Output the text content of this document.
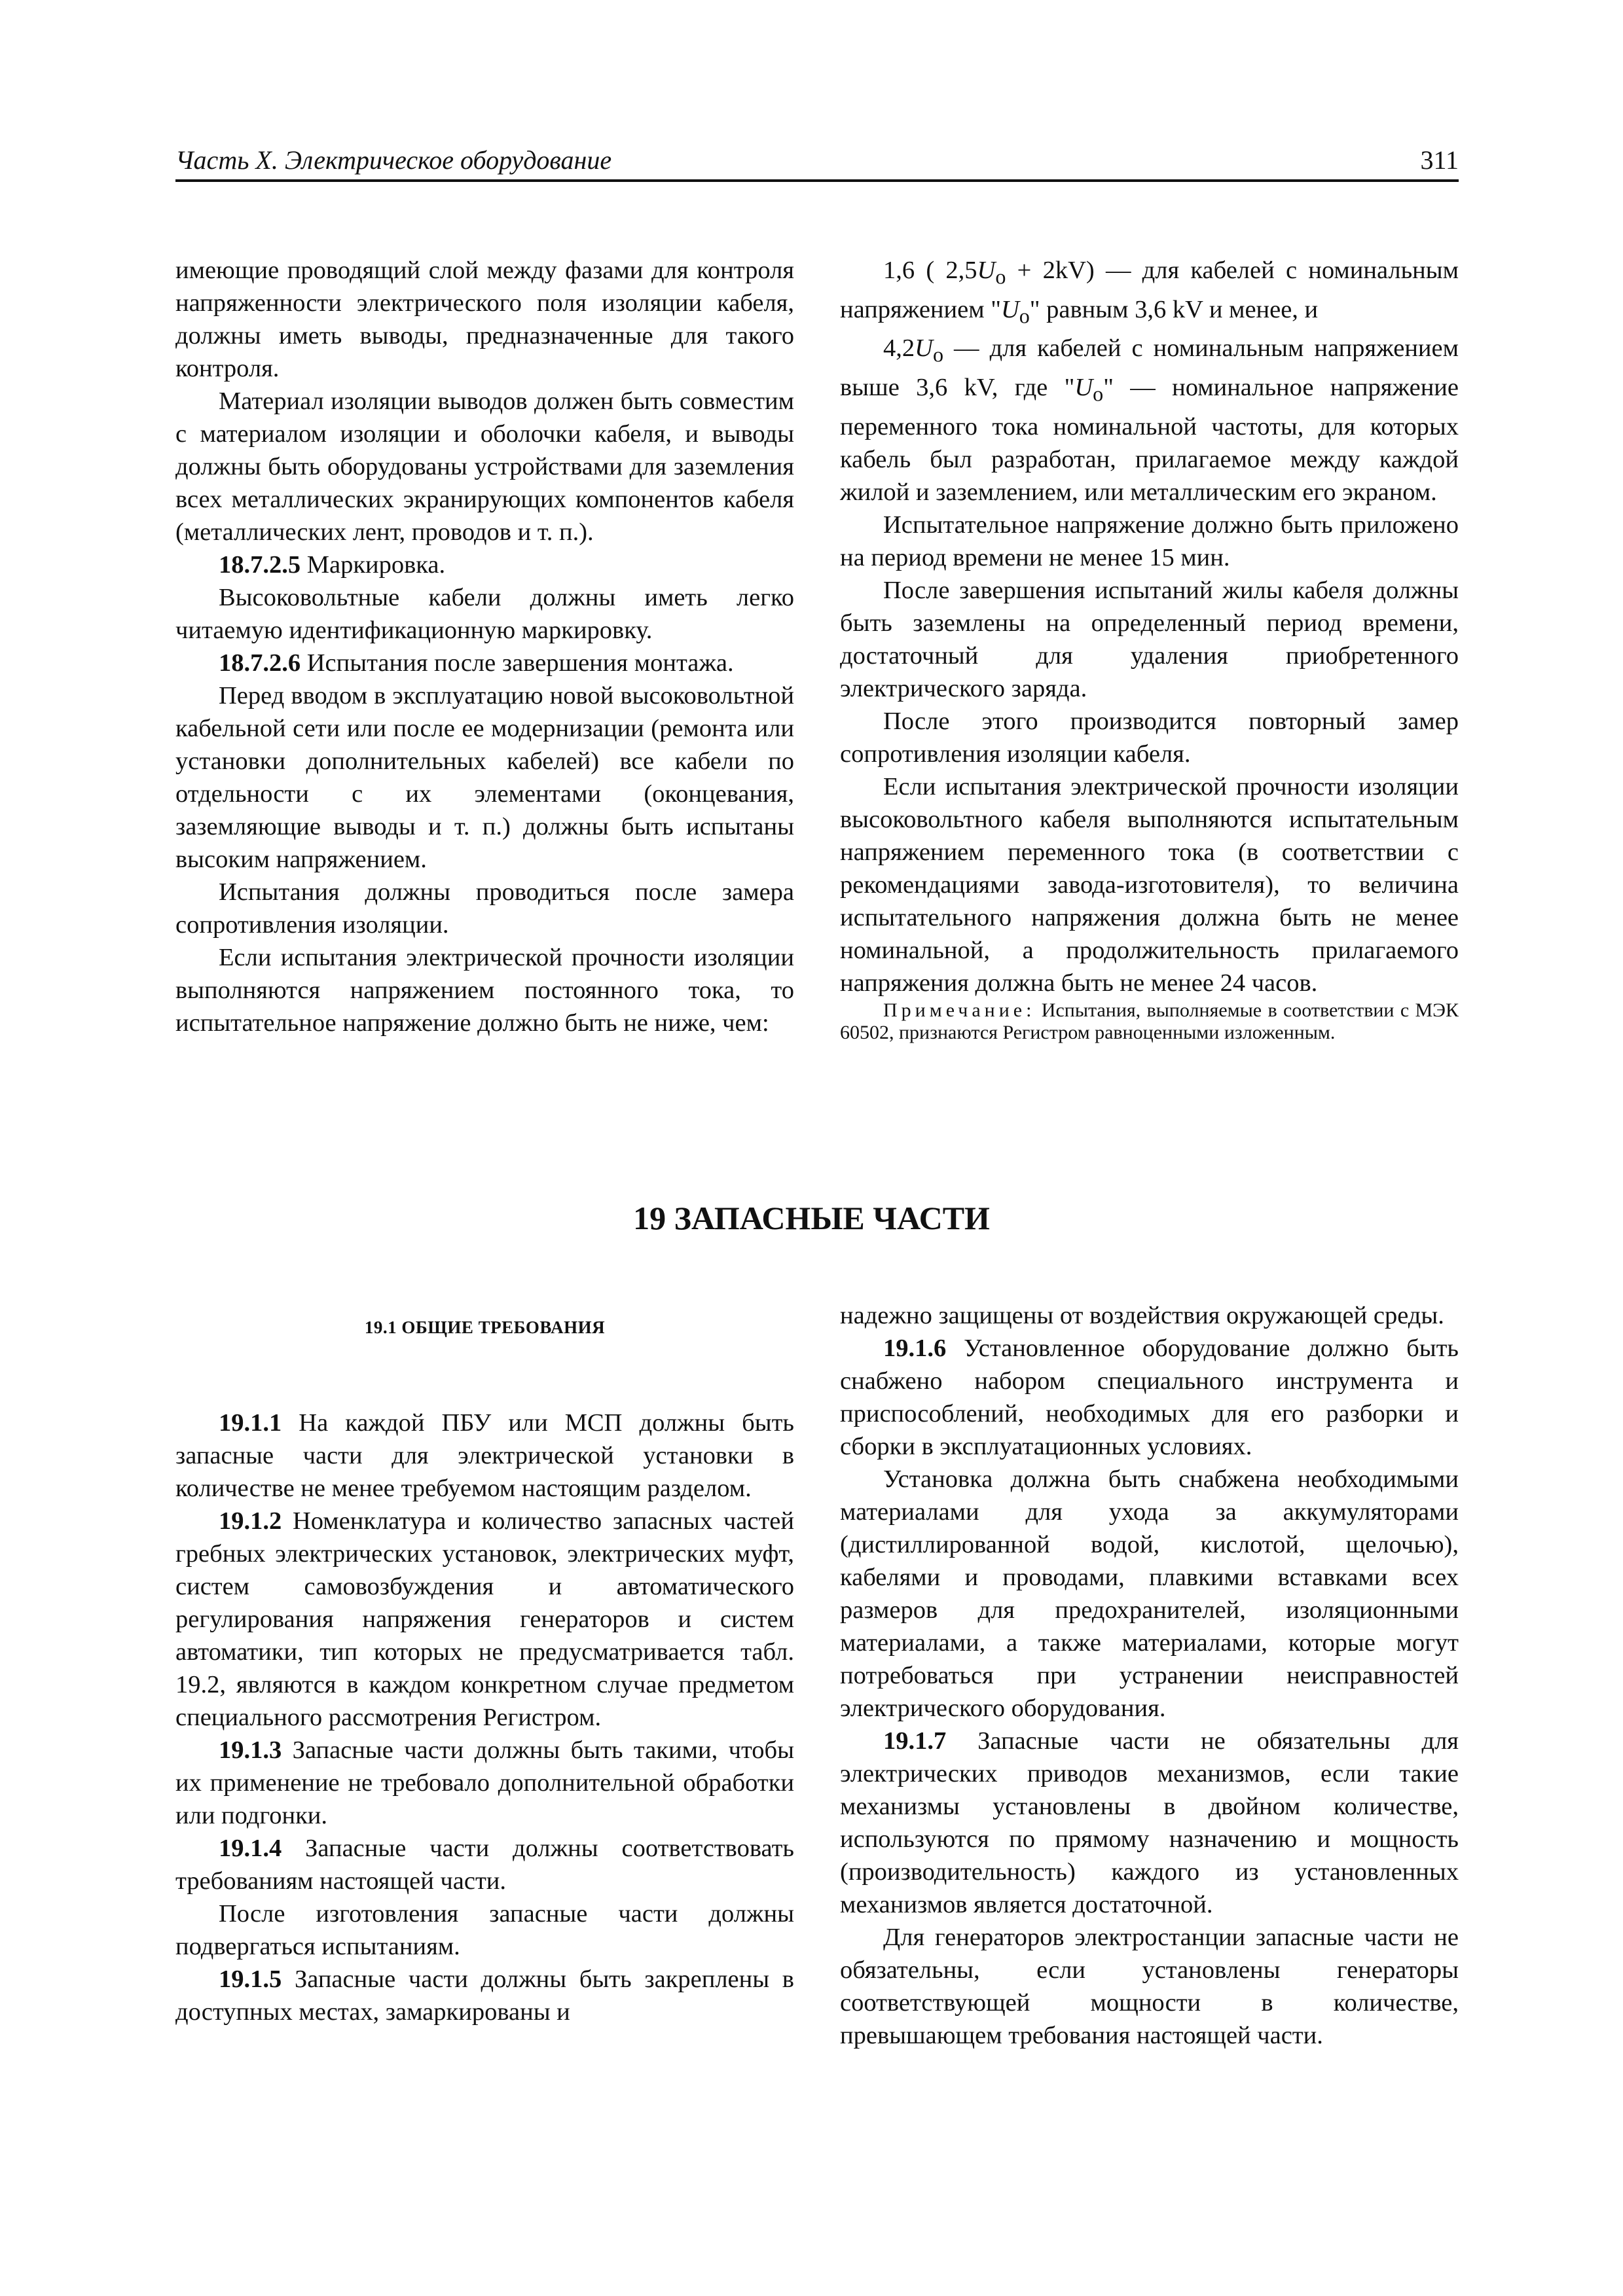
Часть X. Электрическое оборудование	311

имеющие проводящий слой между фазами для контроля напряженности электрического поля изоляции кабеля, должны иметь выводы, предназначенные для такого контроля.

Материал изоляции выводов должен быть совместим с материалом изоляции и оболочки кабеля, и выводы должны быть оборудованы устройствами для заземления всех металлических экранирующих компонентов кабеля (металлических лент, проводов и т. п.).

18.7.2.5 Маркировка.

Высоковольтные кабели должны иметь легко читаемую идентификационную маркировку.

18.7.2.6 Испытания после завершения монтажа.

Перед вводом в эксплуатацию новой высоковольтной кабельной сети или после ее модернизации (ремонта или установки дополнительных кабелей) все кабели по отдельности с их элементами (оконцевания, заземляющие выводы и т. п.) должны быть испытаны высоким напряжением.

Испытания должны проводиться после замера сопротивления изоляции.

Если испытания электрической прочности изоляции выполняются напряжением постоянного тока, то испытательное напряжение должно быть не ниже, чем:

1,6 ( $2,5U_o + 2kV$) — для кабелей с номинальным напряжением "$U_o$" равным 3,6 kV и менее, и

$4,2U_o$ — для кабелей с номинальным напряжением выше 3,6 kV, где "$U_o$" — номинальное напряжение переменного тока номинальной частоты, для которых кабель был разработан, прилагаемое между каждой жилой и заземлением, или металлическим его экраном.

Испытательное напряжение должно быть приложено на период времени не менее 15 мин.

После завершения испытаний жилы кабеля должны быть заземлены на определенный период времени, достаточный для удаления приобретенного электрического заряда.

После этого производится повторный замер сопротивления изоляции кабеля.

Если испытания электрической прочности изоляции высоковольтного кабеля выполняются испытательным напряжением переменного тока (в соответствии с рекомендациями завода-изготовителя), то величина испытательного напряжения должна быть не менее номинальной, а продолжительность прилагаемого напряжения должна быть не менее 24 часов.

Примечание: Испытания, выполняемые в соответствии с МЭК 60502, признаются Регистром равноценными изложенным.

19 ЗАПАСНЫЕ ЧАСТИ
19.1 ОБЩИЕ ТРЕБОВАНИЯ

19.1.1 На каждой ПБУ или МСП должны быть запасные части для электрической установки в количестве не менее требуемом настоящим разделом.

19.1.2 Номенклатура и количество запасных частей гребных электрических установок, электрических муфт, систем самовозбуждения и автоматического регулирования напряжения генераторов и систем автоматики, тип которых не предусматривается табл. 19.2, являются в каждом конкретном случае предметом специального рассмотрения Регистром.

19.1.3 Запасные части должны быть такими, чтобы их применение не требовало дополнительной обработки или подгонки.

19.1.4 Запасные части должны соответствовать требованиям настоящей части.

После изготовления запасные части должны подвергаться испытаниям.

19.1.5 Запасные части должны быть закреплены в доступных местах, замаркированы и

надежно защищены от воздействия окружающей среды.

19.1.6 Установленное оборудование должно быть снабжено набором специального инструмента и приспособлений, необходимых для его разборки и сборки в эксплуатационных условиях.

Установка должна быть снабжена необходимыми материалами для ухода за аккумуляторами (дистиллированной водой, кислотой, щелочью), кабелями и проводами, плавкими вставками всех размеров для предохранителей, изоляционными материалами, а также материалами, которые могут потребоваться при устранении неисправностей электрического оборудования.

19.1.7 Запасные части не обязательны для электрических приводов механизмов, если такие механизмы установлены в двойном количестве, используются по прямому назначению и мощность (производительность) каждого из установленных механизмов является достаточной.

Для генераторов электростанции запасные части не обязательны, если установлены генераторы соответствующей мощности в количестве, превышающем требования настоящей части.
